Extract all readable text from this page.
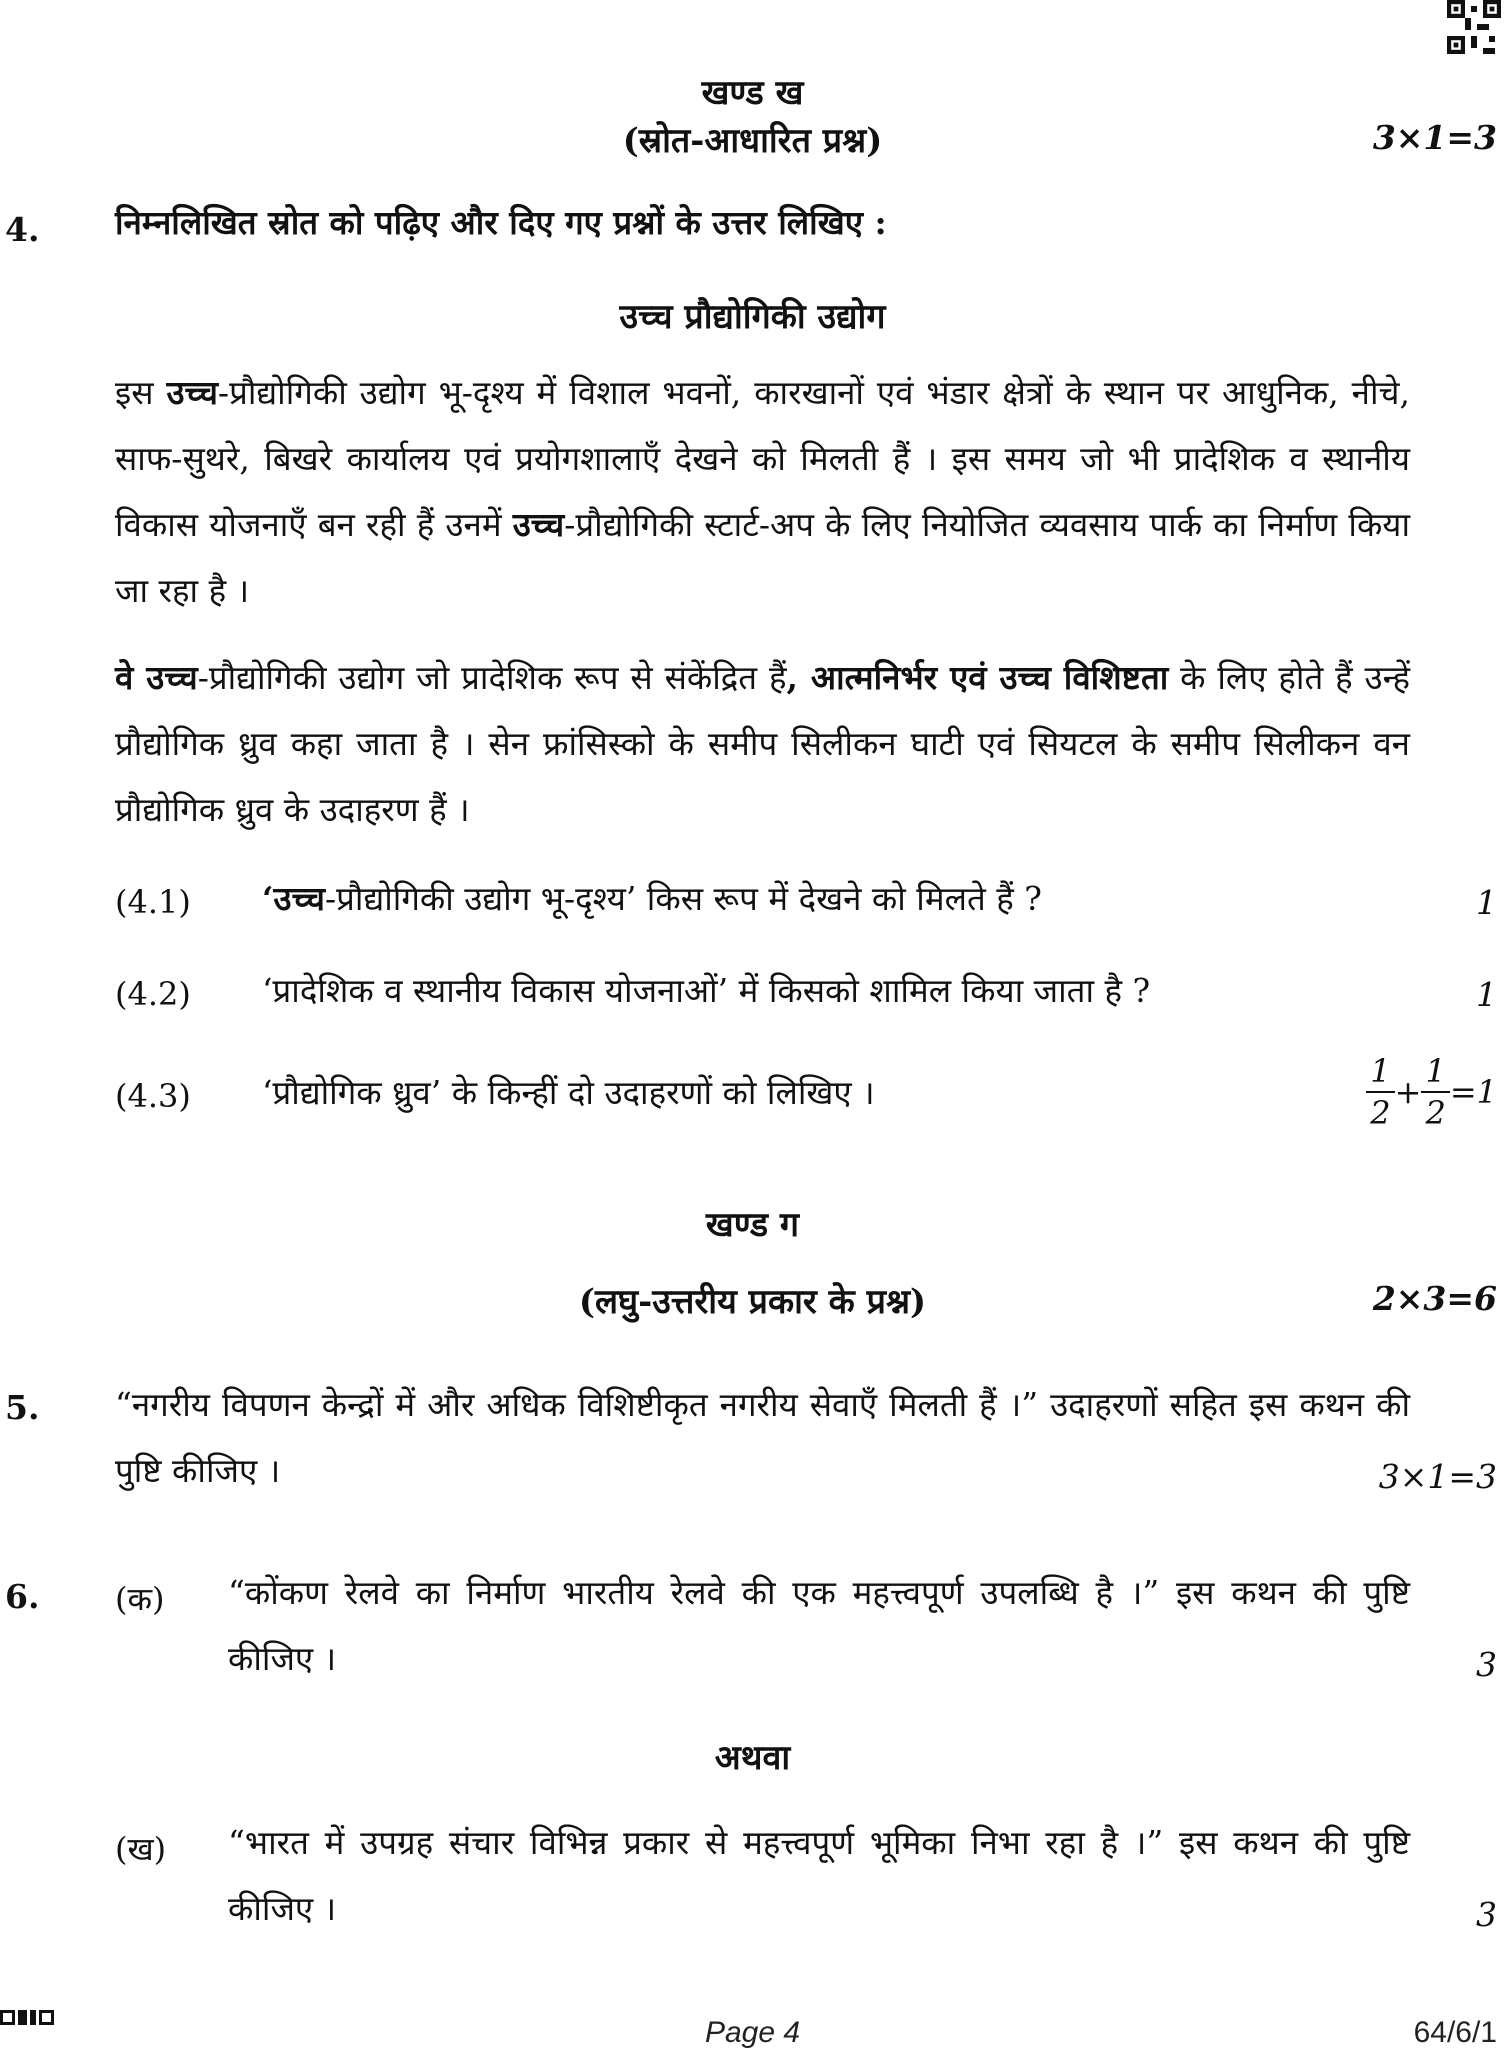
खण्ड ख
(स्रोत-आधारित प्रश्न)	3×1=3
4. निम्नलिखित स्रोत को पढ़िए और दिए गए प्रश्नों के उत्तर लिखिए :
उच्च प्रौद्योगिकी उद्योग
इस उच्च-प्रौद्योगिकी उद्योग भू-दृश्य में विशाल भवनों, कारखानों एवं भंडार क्षेत्रों के स्थान पर आधुनिक, नीचे, साफ-सुथरे, बिखरे कार्यालय एवं प्रयोगशालाएँ देखने को मिलती हैं । इस समय जो भी प्रादेशिक व स्थानीय विकास योजनाएँ बन रही हैं उनमें उच्च-प्रौद्योगिकी स्टार्ट-अप के लिए नियोजित व्यवसाय पार्क का निर्माण किया जा रहा है ।
वे उच्च-प्रौद्योगिकी उद्योग जो प्रादेशिक रूप से संकेंद्रित हैं, आत्मनिर्भर एवं उच्च विशिष्टता के लिए होते हैं उन्हें प्रौद्योगिक ध्रुव कहा जाता है । सेन फ्रांसिस्को के समीप सिलीकन घाटी एवं सियटल के समीप सिलीकन वन प्रौद्योगिक ध्रुव के उदाहरण हैं ।
(4.1) ‘उच्च-प्रौद्योगिकी उद्योग भू-दृश्य’ किस रूप में देखने को मिलते हैं ?	1
(4.2) ‘प्रादेशिक व स्थानीय विकास योजनाओं’ में किसको शामिल किया जाता है ?	1
(4.3) ‘प्रौद्योगिक ध्रुव’ के किन्हीं दो उदाहरणों को लिखिए ।	$\frac{1}{2} + \frac{1}{2} =1$
खण्ड ग
(लघु-उत्तरीय प्रकार के प्रश्न)	2×3=6
5. “नगरीय विपणन केन्द्रों में और अधिक विशिष्टीकृत नगरीय सेवाएँ मिलती हैं ।” उदाहरणों सहित इस कथन की पुष्टि कीजिए ।	3×1=3
6. (क) “कोंकण रेलवे का निर्माण भारतीय रेलवे की एक महत्त्वपूर्ण उपलब्धि है ।” इस कथन की पुष्टि कीजिए ।	3
अथवा
(ख) “भारत में उपग्रह संचार विभिन्न प्रकार से महत्त्वपूर्ण भूमिका निभा रहा है ।” इस कथन की पुष्टि कीजिए ।	3
Page 4	64/6/1
